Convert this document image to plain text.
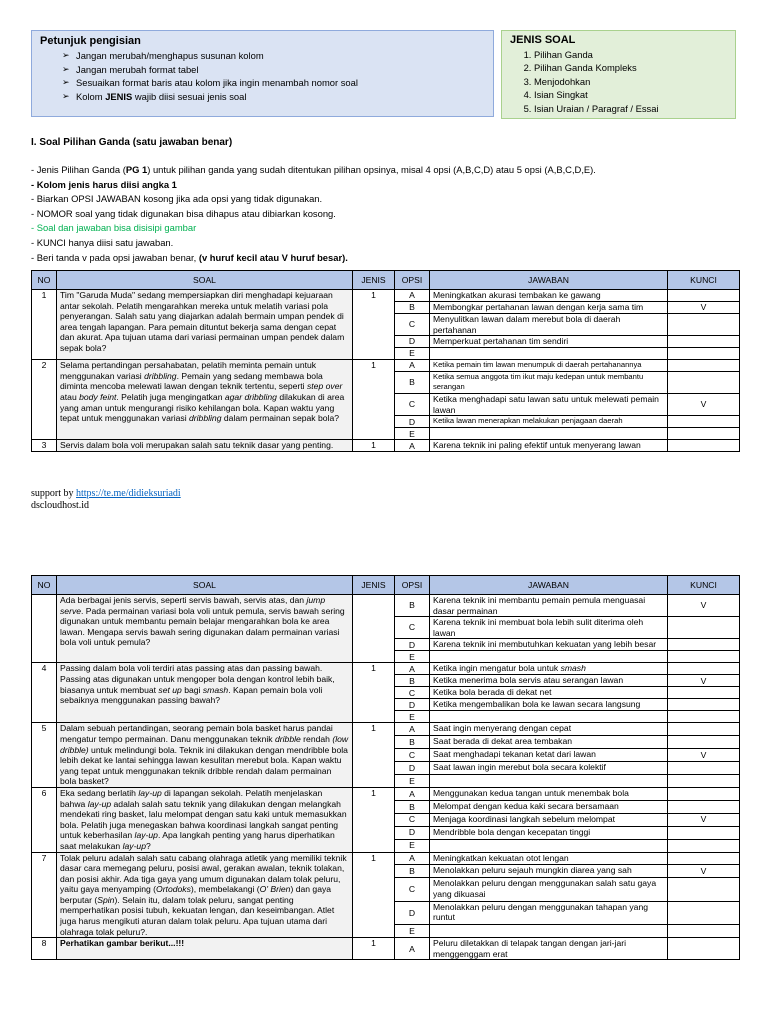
Petunjuk pengisian
➢ Jangan merubah/menghapus susunan kolom
➢ Jangan merubah format tabel
➢ Sesuaikan format baris atau kolom jika ingin menambah nomor soal
➢ Kolom JENIS wajib diisi sesuai jenis soal
JENIS SOAL
1. Pilihan Ganda
2. Pilihan Ganda Kompleks
3. Menjodohkan
4. Isian Singkat
5. Isian Uraian / Paragraf / Essai
I. Soal Pilihan Ganda (satu jawaban benar)

- Jenis Pilihan Ganda (PG 1) untuk pilihan ganda yang sudah ditentukan pilihan opsinya, misal 4 opsi (A,B,C,D) atau 5 opsi (A,B,C,D,E).

- Kolom jenis harus diisi angka 1

- Biarkan OPSI JAWABAN kosong jika ada opsi yang tidak digunakan.

- NOMOR soal yang tidak digunakan bisa dihapus atau dibiarkan kosong.

- Soal dan jawaban bisa disisipi gambar

- KUNCI hanya diisi satu jawaban.

- Beri tanda v pada opsi jawaban benar, (v huruf kecil atau V huruf besar).

NO	SOAL	JENIS	OPSI	JAWABAN	KUNCI
1	Tim "Garuda Muda" sedang mempersiapkan diri menghadapi kejuaraan antar sekolah. Pelatih mengarahkan mereka untuk melatih variasi pola penyerangan. Salah satu yang diajarkan adalah bermain umpan pendek di area tengah lapangan. Para pemain dituntut bekerja sama dengan cepat dan akurat. Apa tujuan utama dari variasi permainan umpan pendek dalam sepak bola?	1	A	Meningkatkan akurasi tembakan ke gawang	
			B	Membongkar pertahanan lawan dengan kerja sama tim	V
			C	Menyulitkan lawan dalam merebut bola di daerah pertahanan	
			D	Memperkuat pertahanan tim sendiri	
			E		
2	Selama pertandingan persahabatan, pelatih meminta pemain untuk menggunakan variasi dribbling. Pemain yang sedang membawa bola diminta mencoba melewati lawan dengan teknik tertentu, seperti step over atau body feint. Pelatih juga mengingatkan agar dribbling dilakukan di area yang aman untuk mengurangi risiko kehilangan bola. Kapan waktu yang tepat untuk menggunakan variasi dribbling dalam permainan sepak bola?	1	A	Ketika pemain tim lawan menumpuk di daerah pertahanannya	
			B	Ketika semua anggota tim ikut maju kedepan untuk membantu serangan	
			C	Ketika menghadapi satu lawan satu untuk melewati pemain lawan	V
			D	Ketika lawan menerapkan melakukan penjagaan daerah	
			E		
3	Servis dalam bola voli merupakan salah satu teknik dasar yang penting.	1	A	Karena teknik ini paling efektif untuk menyerang lawan	
support by https://te.me/didieksuriadi
dscloudhost.id
NO	SOAL	JENIS	OPSI	JAWABAN	KUNCI
	Ada berbagai jenis servis, seperti servis bawah, servis atas, dan jump serve. Pada permainan variasi bola voli untuk pemula, servis bawah sering digunakan untuk membantu pemain belajar mengarahkan bola ke area lawan. Mengapa servis bawah sering digunakan dalam permainan variasi bola voli untuk pemula?		B	Karena teknik ini membantu pemain pemula menguasai dasar permainan	V
			C	Karena teknik ini membuat bola lebih sulit diterima oleh lawan	
			D	Karena teknik ini membutuhkan kekuatan yang lebih besar	
			E		
4	Passing dalam bola voli terdiri atas passing atas dan passing bawah. Passing atas digunakan untuk mengoper bola dengan kontrol lebih baik, biasanya untuk membuat set up bagi smash. Kapan pemain bola voli sebaiknya menggunakan passing bawah?	1	A	Ketika ingin mengatur bola untuk smash	
			B	Ketika menerima bola servis atau serangan lawan	V
			C	Ketika bola berada di dekat net	
			D	Ketika mengembalikan bola ke lawan secara langsung	
			E		
5	Dalam sebuah pertandingan, seorang pemain bola basket harus pandai mengatur tempo permainan. Danu menggunakan teknik dribble rendah (low dribble) untuk melindungi bola. Teknik ini dilakukan dengan mendribble bola lebih dekat ke lantai sehingga lawan kesulitan merebut bola. Kapan waktu yang tepat untuk menggunakan teknik dribble rendah dalam permainan bola basket?	1	A	Saat ingin menyerang dengan cepat	
			B	Saat berada di dekat area tembakan	
			C	Saat menghadapi tekanan ketat dari lawan	V
			D	Saat lawan ingin merebut bola secara kolektif	
			E		
6	Eka sedang berlatih lay-up di lapangan sekolah. Pelatih menjelaskan bahwa lay-up adalah salah satu teknik yang dilakukan dengan melangkah mendekati ring basket, lalu melompat dengan satu kaki untuk memasukkan bola. Pelatih juga menegaskan bahwa koordinasi langkah sangat penting untuk keberhasilan lay-up. Apa langkah penting yang harus diperhatikan saat melakukan lay-up?	1	A	Menggunakan kedua tangan untuk menembak bola	
			B	Melompat dengan kedua kaki secara bersamaan	
			C	Menjaga koordinasi langkah sebelum melompat	V
			D	Mendribble bola dengan kecepatan tinggi	
			E		
7	Tolak peluru adalah salah satu cabang olahraga atletik yang memiliki teknik dasar cara memegang peluru, posisi awal, gerakan awalan, teknik tolakan, dan posisi akhir. Ada tiga gaya yang umum digunakan dalam tolak peluru, yaitu gaya menyamping (Ortodoks), membelakangi (O' Brien) dan gaya berputar (Spin). Selain itu, dalam tolak peluru, sangat penting memperhatikan posisi tubuh, kekuatan lengan, dan keseimbangan. Atlet juga harus mengikuti aturan dalam tolak peluru. Apa tujuan utama dari olahraga tolak peluru?.	1	A	Meningkatkan kekuatan otot lengan	
			B	Menolakkan peluru sejauh mungkin diarea yang sah	V
			C	Menolakkan peluru dengan menggunakan salah satu gaya yang dikuasai	
			D	Menolakkan peluru dengan menggunakan tahapan yang runtut	
			E		
8	Perhatikan gambar berikut...!!!	1	A	Peluru diletakkan di telapak tangan dengan jari-jari menggenggam erat	
